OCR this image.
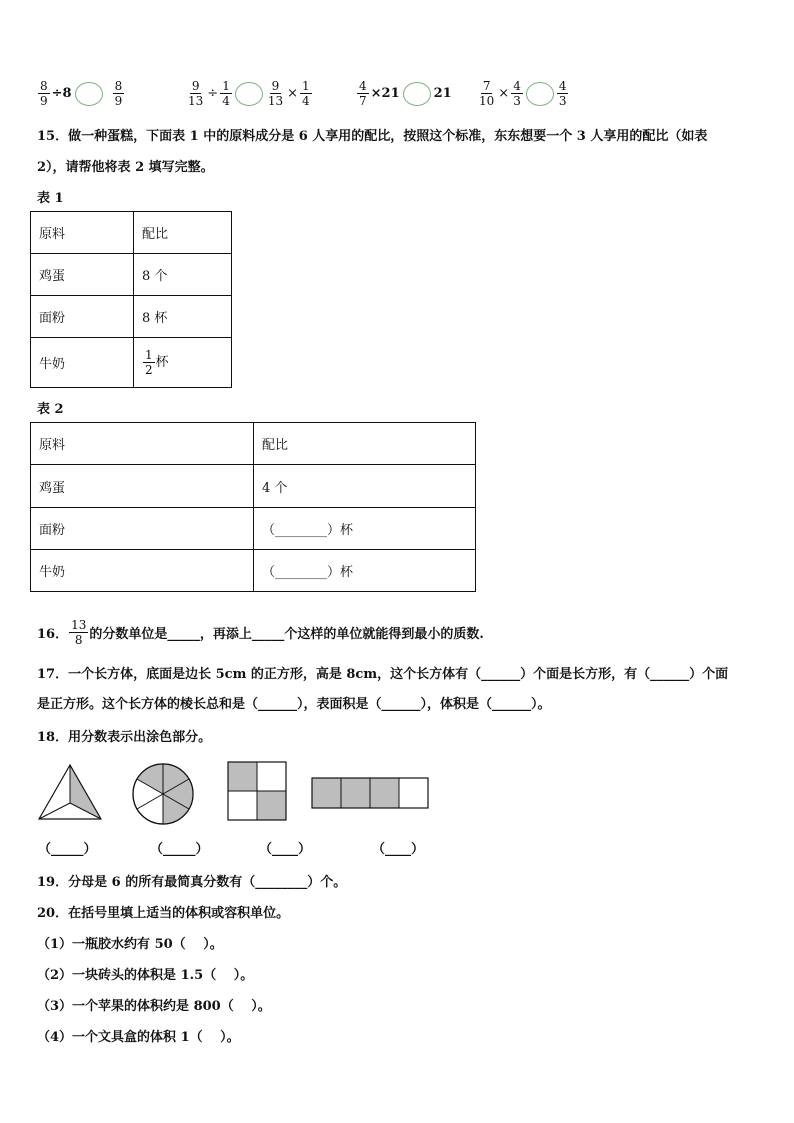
$\frac{8}{9} \div 8$	$\frac{8}{9}$	$\frac{9}{13} \div \frac{1}{4}$	$\frac{9}{13} \times \frac{1}{4}$	$\frac{4}{7} \times 21$	$21 \frac{7}{10} \times \frac{4}{3}$	$\frac{4}{3}$
15．做一种蛋糕，下面表 1 中的原料成分是 6 人享用的配比，按照这个标准，东东想要一个 3 人享用的配比（如表
2），请帮他将表 2 填写完整。
表 1
原料	配比
鸡蛋	8 个
面粉	8 杯
牛奶	$\frac{1}{2}$ 杯
表 2
原料	配比
鸡蛋	4 个
面粉	（________）杯
牛奶	（________）杯
16． $\frac{13}{8}$ 的分数单位是_____，再添上_____个这样的单位就能得到最小的质数.
17．一个长方体，底面是边长 5cm 的正方形，高是 8cm，这个长方体有（______）个面是长方形，有（______）个面
是正方形。这个长方体的棱长总和是（______），表面积是（______），体积是（______）。
18．用分数表示出涂色部分。
（_____）	（_____）	（____）	（____）
19．分母是 6 的所有最简真分数有（________）个。
20．在括号里填上适当的体积或容积单位。
（1）一瓶胶水约有 50（　 ）。
（2）一块砖头的体积是 1.5（　 ）。
（3）一个苹果的体积约是 800（　 ）。
（4）一个文具盒的体积 1（　 ）。
